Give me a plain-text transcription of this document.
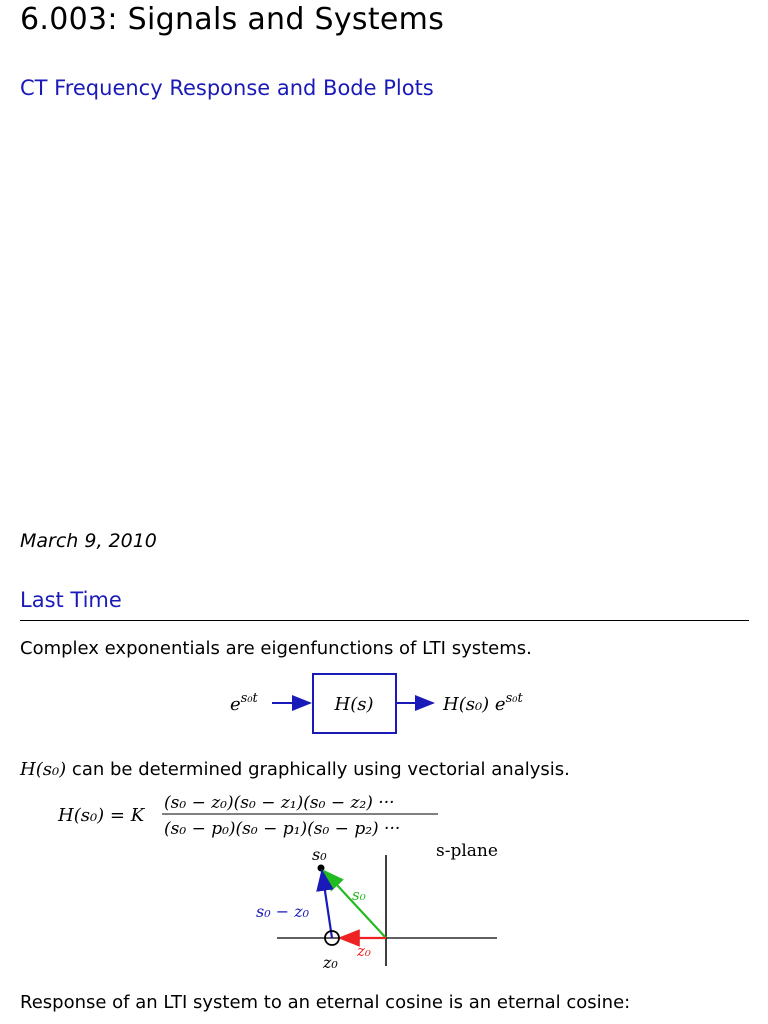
6.003: Signals and Systems
CT Frequency Response and Bode Plots
March 9, 2010
Last Time
Complex exponentials are eigenfunctions of LTI systems.
$e^{s_0t}$	H(s)	H(s₀) $e^{s_0t}$
H(s₀) can be determined graphically using vectorial analysis.
H(s₀) = K
(s₀ − z₀)(s₀ − z₁)(s₀ − z₂) ···
(s₀ − p₀)(s₀ − p₁)(s₀ − p₂) ···
s-plane
s₀
s₀
s₀ − z₀
z₀
z₀
Response of an LTI system to an eternal cosine is an eternal cosine:
